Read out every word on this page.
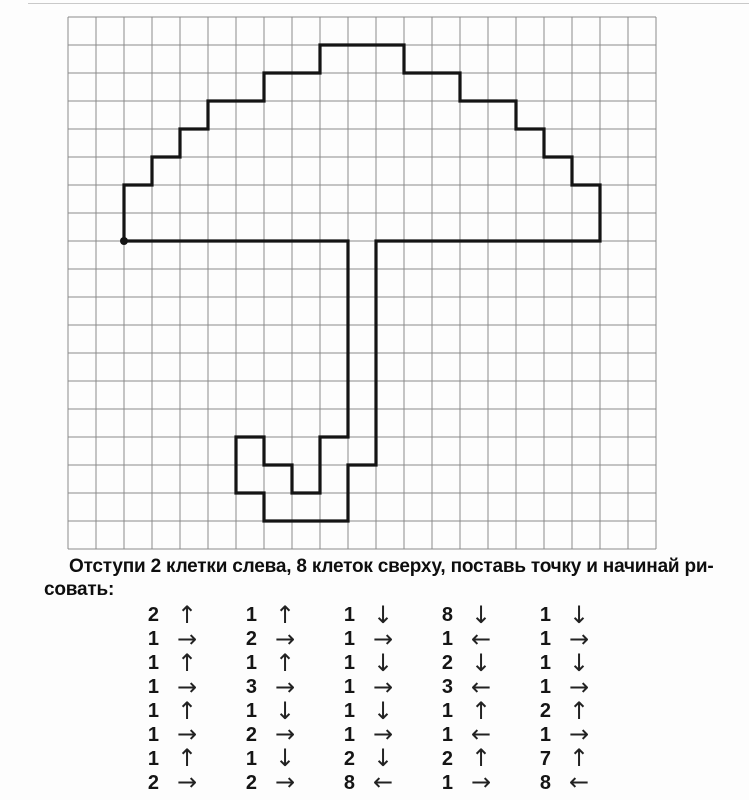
Отступи 2 клетки слева, 8 клеток сверху, поставь точку и начинай ри-
совать:
2 ↑	1 ↑	1 ↓	8 ↓	1 ↓
1 →	2 →	1 →	1 ←	1 →
1 ↑	1 ↑	1 ↓	2 ↓	1 ↓
1 →	3 →	1 →	3 ←	1 →
1 ↑	1 ↓	1 ↓	1 ↑	2 ↑
1 →	2 →	1 →	1 ←	1 →
1 ↑	1 ↓	2 ↓	2 ↑	7 ↑
2 →	2 →	8 ←	1 →	8 ←
